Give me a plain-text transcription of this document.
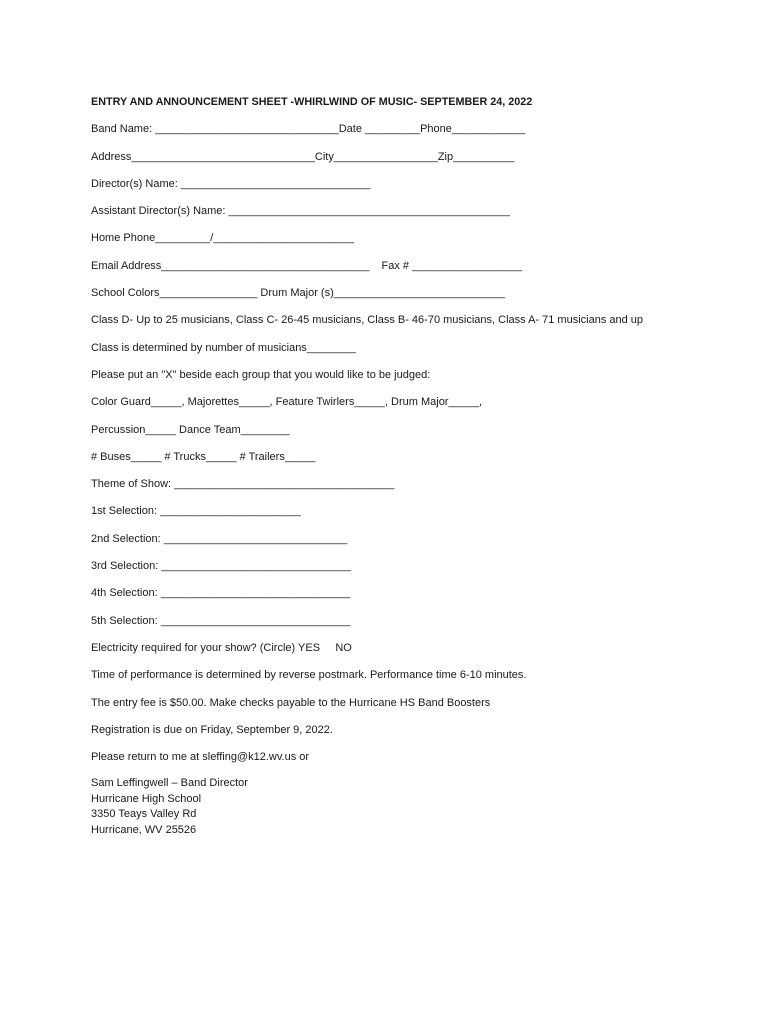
ENTRY AND ANNOUNCEMENT SHEET -WHIRLWIND OF MUSIC- SEPTEMBER 24, 2022
Band Name: ______________________________Date _________Phone____________
Address______________________________City_________________Zip__________
Director(s) Name: _______________________________
Assistant Director(s) Name: ______________________________________________
Home Phone_________/_______________________
Email Address__________________________________    Fax # __________________
School Colors________________ Drum Major (s)____________________________
Class D- Up to 25 musicians, Class C- 26-45 musicians, Class B- 46-70 musicians, Class A- 71 musicians and up
Class is determined by number of musicians________
Please put an "X" beside each group that you would like to be judged:
Color Guard_____, Majorettes_____, Feature Twirlers_____, Drum Major_____,
Percussion_____ Dance Team________
# Buses_____ # Trucks_____ # Trailers_____
Theme of Show: ____________________________________
1st Selection: _______________________
2nd Selection: ______________________________
3rd Selection: _______________________________
4th Selection: _______________________________
5th Selection: _______________________________
Electricity required for your show? (Circle) YES     NO
Time of performance is determined by reverse postmark. Performance time 6-10 minutes.
The entry fee is $50.00. Make checks payable to the Hurricane HS Band Boosters
Registration is due on Friday, September 9, 2022.
Please return to me at sleffing@k12.wv.us or
Sam Leffingwell – Band Director
Hurricane High School
3350 Teays Valley Rd
Hurricane, WV 25526
